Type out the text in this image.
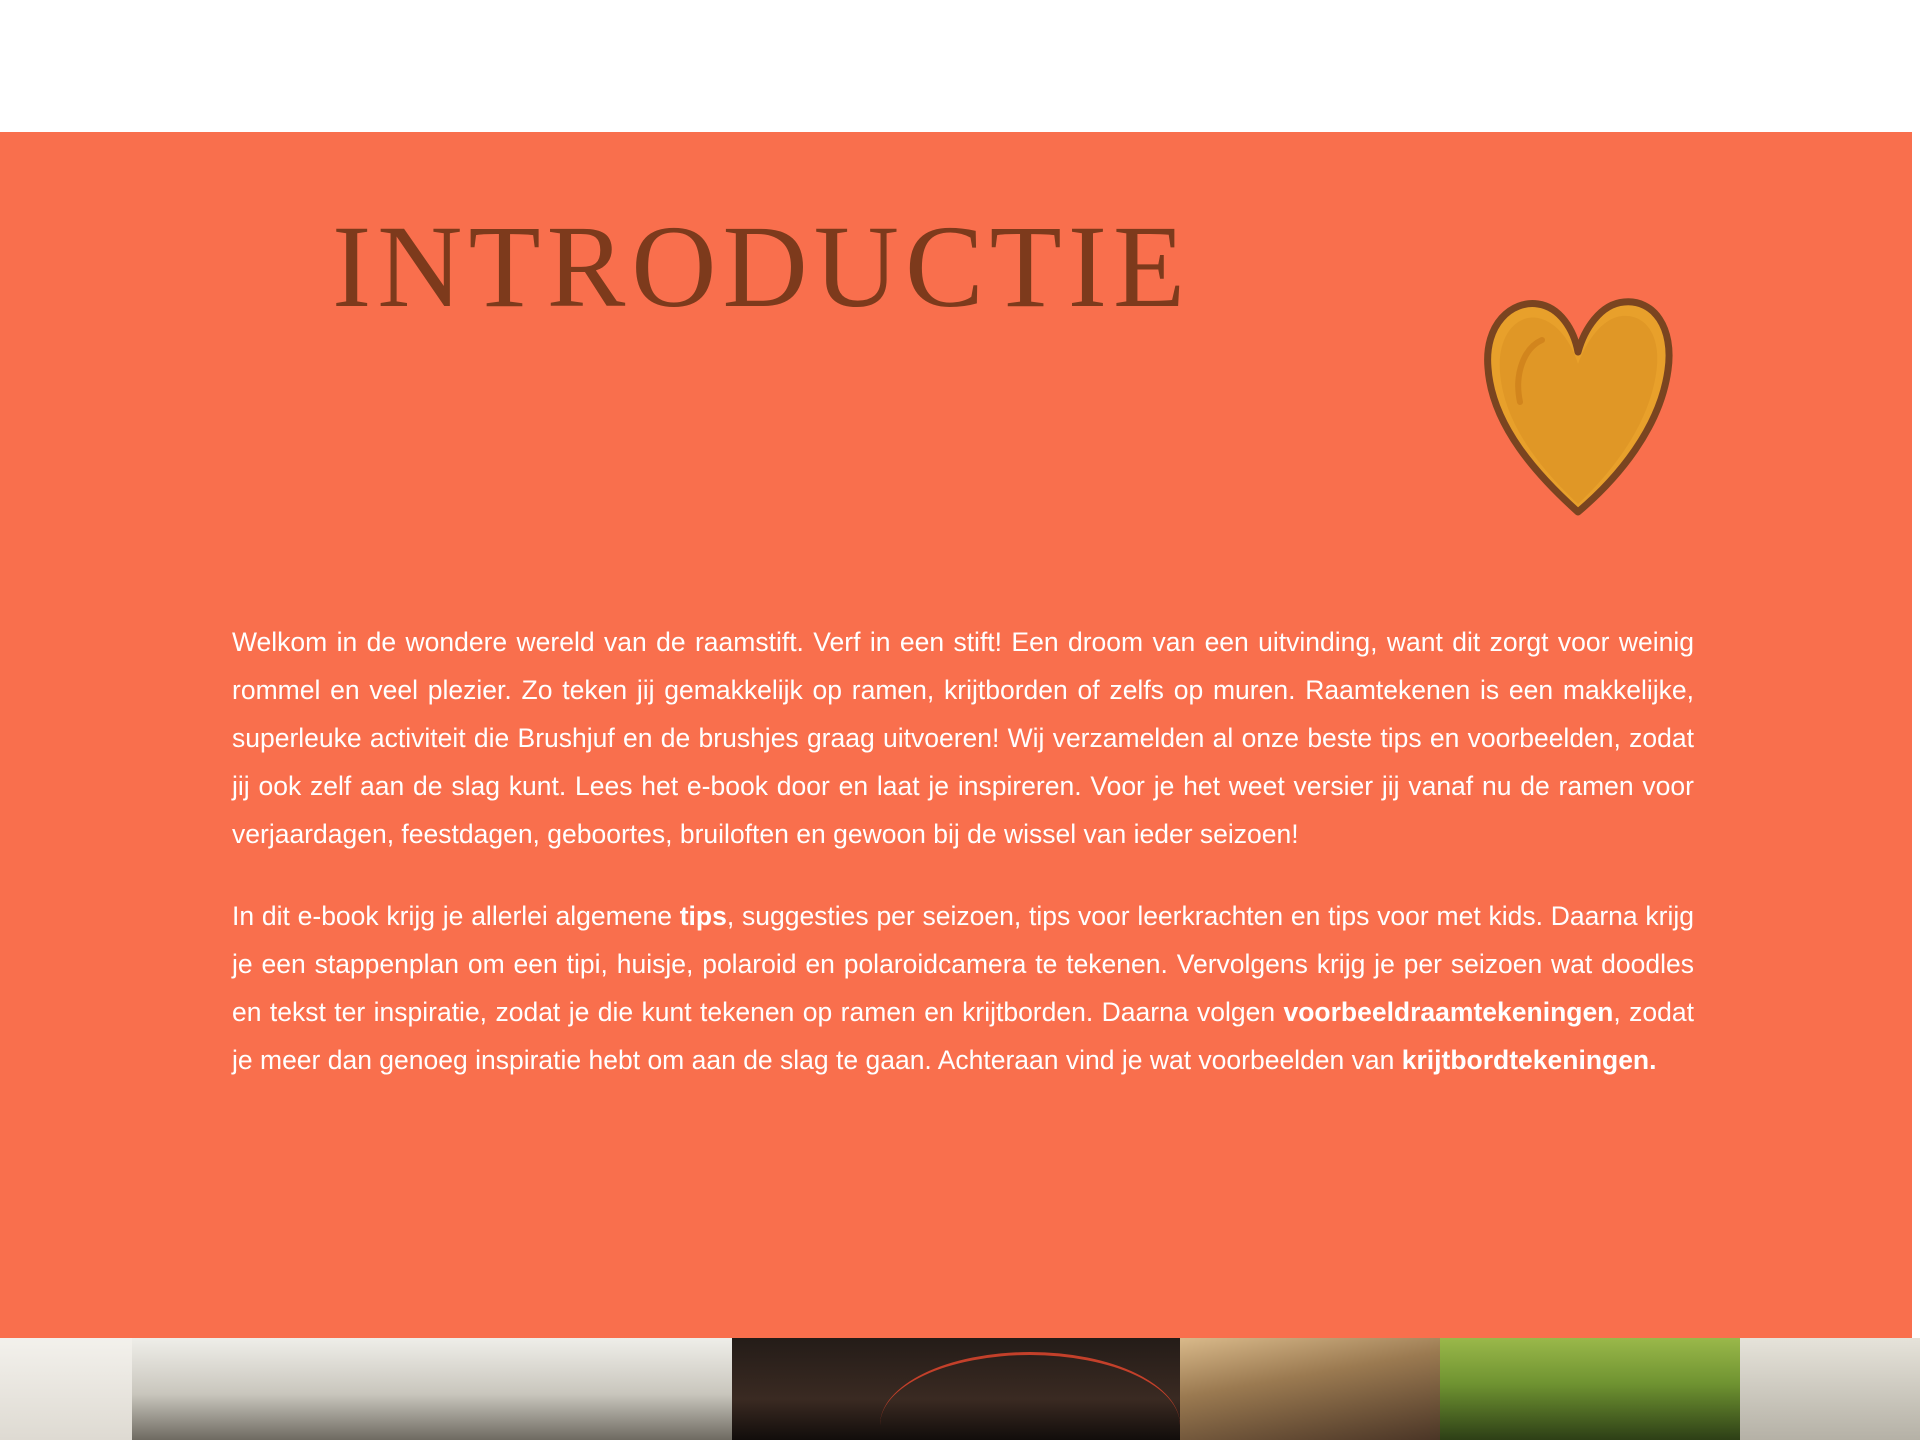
INTRODUCTIE

Welkom in de wondere wereld van de raamstift. Verf in een stift! Een droom van een uitvinding, want dit zorgt voor weinig rommel en veel plezier. Zo teken jij gemakkelijk op ramen, krijtborden of zelfs op muren. Raamtekenen is een makkelijke, superleuke activiteit die Brushjuf en de brushjes graag uitvoeren! Wij verzamelden al onze beste tips en voorbeelden, zodat jij ook zelf aan de slag kunt. Lees het e-book door en laat je inspireren. Voor je het weet versier jij vanaf nu de ramen voor verjaardagen, feestdagen, geboortes, bruiloften en gewoon bij de wissel van ieder seizoen!

In dit e-book krijg je allerlei algemene tips, suggesties per seizoen, tips voor leerkrachten en tips voor met kids. Daarna krijg je een stappenplan om een tipi, huisje, polaroid en polaroidcamera te tekenen. Vervolgens krijg je per seizoen wat doodles en tekst ter inspiratie, zodat je die kunt tekenen op ramen en krijtborden. Daarna volgen voorbeeldraamtekeningen, zodat je meer dan genoeg inspiratie hebt om aan de slag te gaan. Achteraan vind je wat voorbeelden van krijtbordtekeningen.
